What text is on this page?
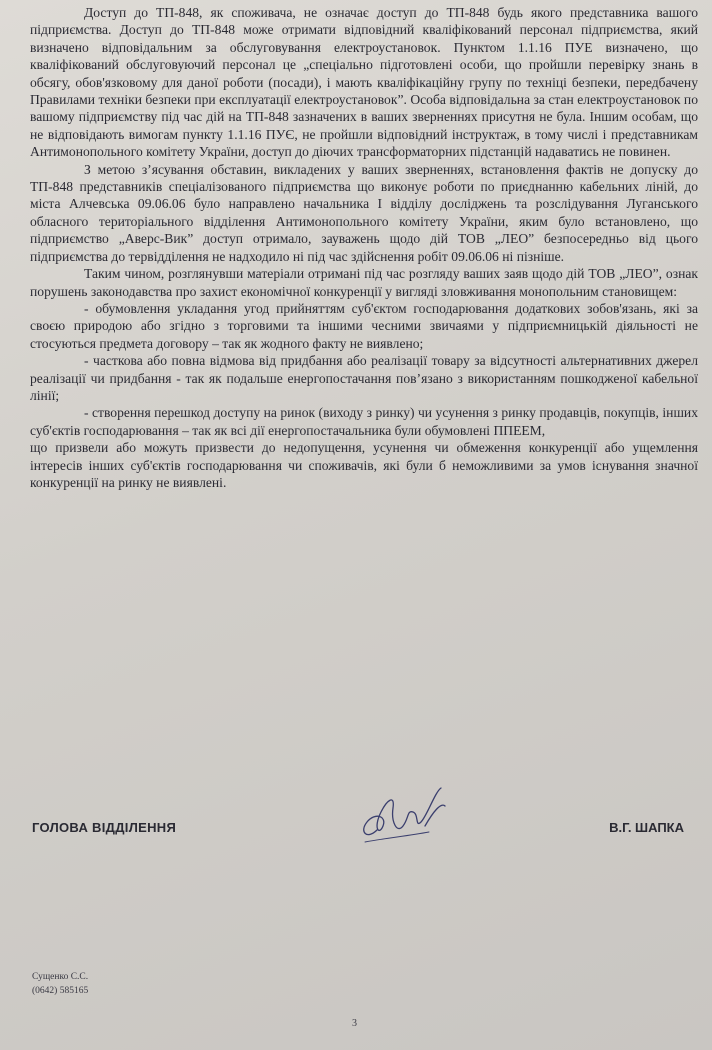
Доступ до ТП-848, як споживача, не означає доступ до ТП-848 будь якого представника вашого підприємства. Доступ до ТП-848 може отримати відповідний кваліфікований персонал підприємства, який визначено відповідальним за обслуговування електроустановок. Пунктом 1.1.16 ПУЕ визначено, що кваліфікований обслуговуючий персонал це „спеціально підготовлені особи, що пройшли перевірку знань в обсягу, обов'язковому для даної роботи (посади), і мають кваліфікаційну групу по техніці безпеки, передбачену Правилами техніки безпеки при експлуатації електроустановок”. Особа відповідальна за стан електроустановок по вашому підприємству під час дій на ТП-848 зазначених в ваших зверненнях присутня не була. Іншим особам, що не відповідають вимогам пункту 1.1.16 ПУЄ, не пройшли відповідний інструктаж, в тому числі і представникам Антимонопольного комітету України, доступ до діючих трансформаторних підстанцій надаватись не повинен.

З метою з’ясування обставин, викладених у ваших зверненнях, встановлення фактів не допуску до ТП-848 представників спеціалізованого підприємства що виконує роботи по приєднанню кабельних ліній, до міста Алчевська 09.06.06 було направлено начальника І відділу досліджень та розслідування Луганського обласного територіального відділення Антимонопольного комітету України, яким було встановлено, що підприємство „Аверс-Вик” доступ отримало, зауважень щодо дій ТОВ „ЛЕО” безпосередньо від цього підприємства до тервідділення не надходило ні під час здійснення робіт 09.06.06 ні пізніше.

Таким чином, розглянувши матеріали отримані під час розгляду ваших заяв щодо дій ТОВ „ЛЕО”, ознак порушень законодавства про захист економічної конкуренції у вигляді зловживання монопольним становищем:

- обумовлення укладання угод прийняттям суб'єктом господарювання додаткових зобов'язань, які за своєю природою або згідно з торговими та іншими чесними звичаями у підприємницькій діяльності не стосуються предмета договору – так як жодного факту не виявлено;

- часткова або повна відмова від придбання або реалізації товару за відсутності альтернативних джерел реалізації чи придбання - так як подальше енергопостачання пов’язано з використанням пошкодженої кабельної лінії;

- створення перешкод доступу на ринок (виходу з ринку) чи усунення з ринку продавців, покупців, інших суб'єктів господарювання – так як всі дії енергопостачальника були обумовлені ППЕЕМ,

що призвели або можуть призвести до недопущення, усунення чи обмеження конкуренції або ущемлення інтересів інших суб'єктів господарювання чи споживачів, які були б неможливими за умов існування значної конкуренції на ринку не виявлені.

ГОЛОВА ВІДДІЛЕННЯ	В.Г. ШАПКА
Сущенко С.С.
(0642) 585165
3
